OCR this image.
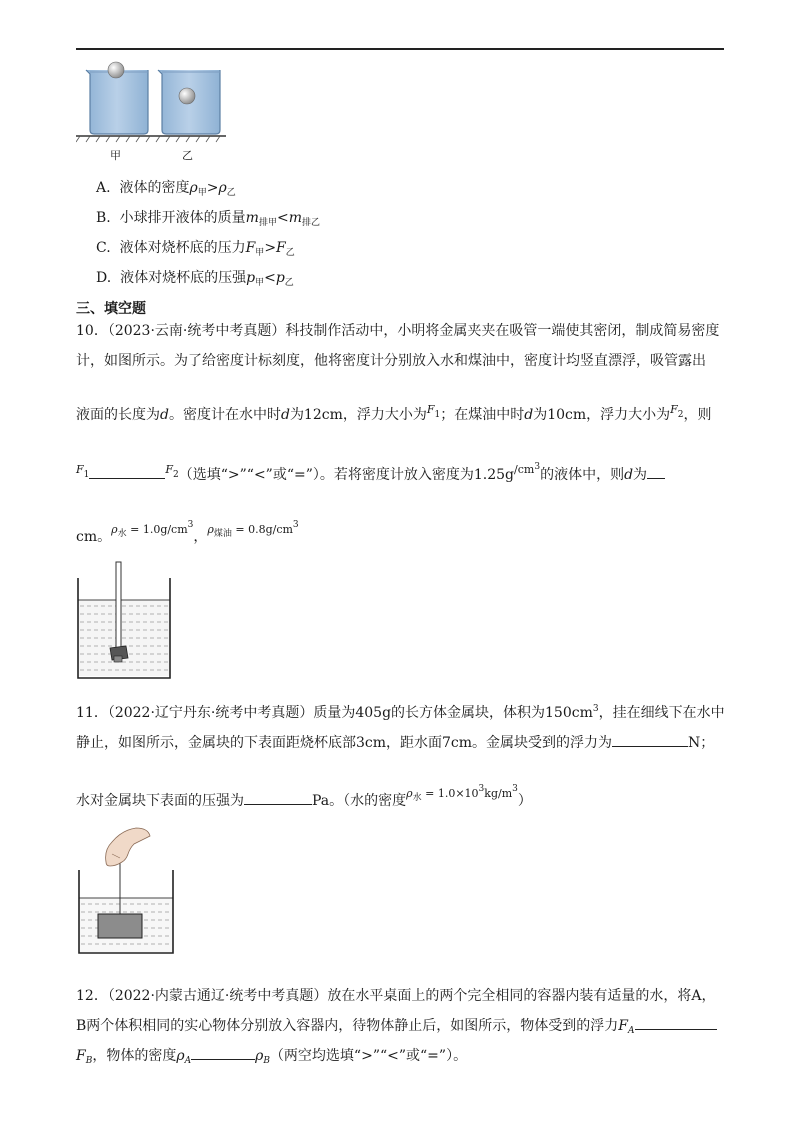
甲	乙
A. 液体的密度$\rho_甲>\rho_乙$
B. 小球排开液体的质量$m_{排甲}<m_{排乙}$
C. 液体对烧杯底的压力$F_甲>F_乙$
D. 液体对烧杯底的压强$p_甲<p_乙$
三、填空题
10．（2023·云南·统考中考真题）科技制作活动中，小明将金属夹夹在吸管一端使其密闭，制成简易密度
计，如图所示。为了给密度计标刻度，他将密度计分别放入水和煤油中，密度计均竖直漂浮，吸管露出
液面的长度为d。密度计在水中时d为12cm，浮力大小为$^{F1}$；在煤油中时d为10cm，浮力大小为$^{F2}$，则
$^{F1}$	$^{F2}$（选填“>”“<”或“=”）。若将密度计放入密度为$1.25g^{/cm3}$的液体中，则d为
cm。$^{\rho_水 = 1.0g/cm^3}$，$^{\rho_{煤油} = 0.8g/cm^3}$
11．（2022·辽宁丹东·统考中考真题）质量为405g的长方体金属块，体积为$150cm^3$，挂在细线下在水中
静止，如图所示，金属块的下表面距烧杯底部3cm，距水面7cm。金属块受到的浮力为	N；
水对金属块下表面的压强为	Pa。（水的密度$^{\rho_水 = 1.0\times 10^3kg/m^3}$）
12．（2022·内蒙古通辽·统考中考真题）放在水平桌面上的两个完全相同的容器内装有适量的水，将A，
B两个体积相同的实心物体分别放入容器内，待物体静止后，如图所示，物体受到的浮力$F_A$
$F_B$，物体的密度$\rho_A$	$\rho_B$（两空均选填“>”“<”或“=”）。
